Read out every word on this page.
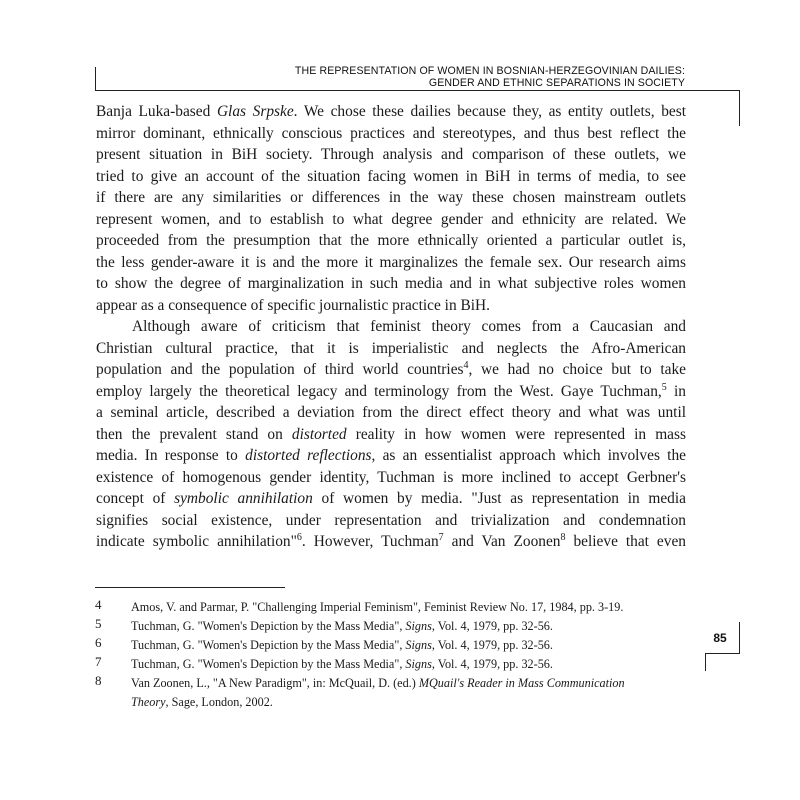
THE REPRESENTATION OF WOMEN IN BOSNIAN-HERZEGOVINIAN DAILIES:
GENDER AND ETHNIC SEPARATIONS IN SOCIETY

Banja Luka-based Glas Srpske. We chose these dailies because they, as entity outlets, best
mirror dominant, ethnically conscious practices and stereotypes, and thus best reflect the
present situation in BiH society. Through analysis and comparison of these outlets, we
tried to give an account of the situation facing women in BiH in terms of media, to see
if there are any similarities or differences in the way these chosen mainstream outlets
represent women, and to establish to what degree gender and ethnicity are related. We
proceeded from the presumption that the more ethnically oriented a particular outlet is,
the less gender-aware it is and the more it marginalizes the female sex. Our research aims
to show the degree of marginalization in such media and in what subjective roles women
appear as a consequence of specific journalistic practice in BiH.

Although aware of criticism that feminist theory comes from a Caucasian and
Christian cultural practice, that it is imperialistic and neglects the Afro-American
population and the population of third world countries$^4$, we had no choice but to take
employ largely the theoretical legacy and terminology from the West. Gaye Tuchman,$^5$ in
a seminal article, described a deviation from the direct effect theory and what was until
then the prevalent stand on distorted reality in how women were represented in mass
media. In response to distorted reflections, as an essentialist approach which involves the
existence of homogenous gender identity, Tuchman is more inclined to accept Gerbner's
concept of symbolic annihilation of women by media. "Just as representation in media
signifies social existence, under representation and trivialization and condemnation
indicate symbolic annihilation"$^6$. However, Tuchman$^7$ and Van Zoonen$^8$ believe that even

4 Amos, V. and Parmar, P. "Challenging Imperial Feminism", Feminist Review No. 17, 1984, pp. 3-19.
5 Tuchman, G. "Women's Depiction by the Mass Media", Signs, Vol. 4, 1979, pp. 32-56.
6 Tuchman, G. "Women's Depiction by the Mass Media", Signs, Vol. 4, 1979, pp. 32-56.
7 Tuchman, G. "Women's Depiction by the Mass Media", Signs, Vol. 4, 1979, pp. 32-56.
8 Van Zoonen, L., "A New Paradigm", in: McQuail, D. (ed.) MQuail's Reader in Mass Communication
Theory, Sage, London, 2002.
85
